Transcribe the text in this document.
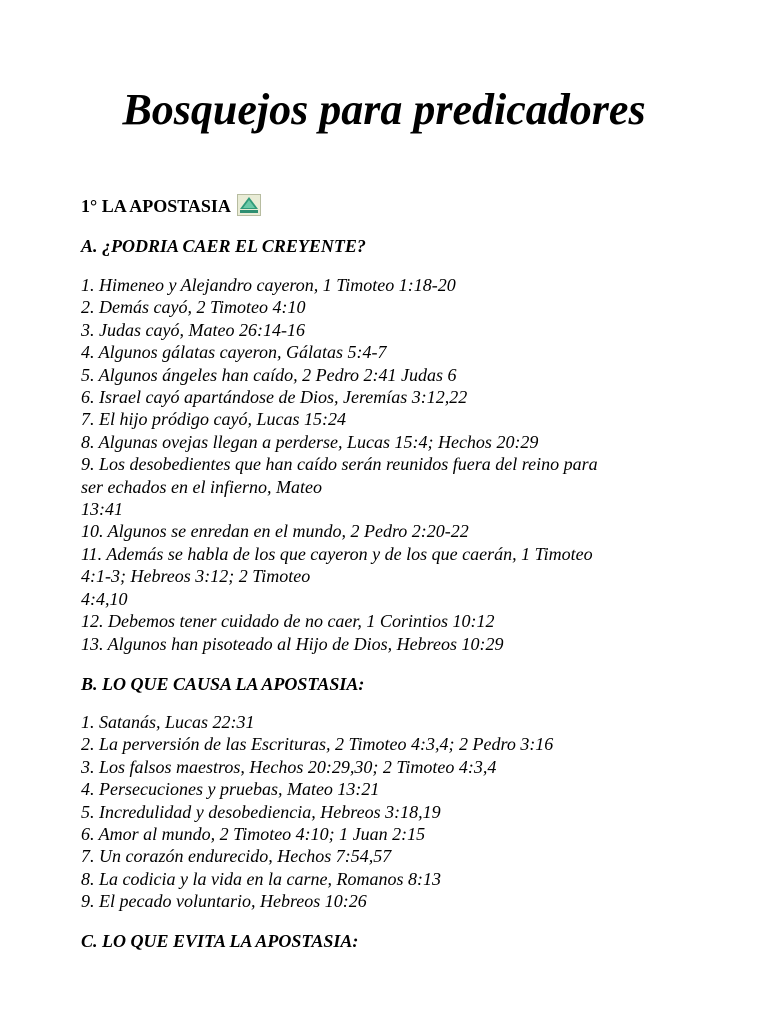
Bosquejos para predicadores
1° LA APOSTASIA
A. ¿PODRIA CAER EL CREYENTE?
1. Himeneo y Alejandro cayeron, 1 Timoteo 1:18-20
2. Demás cayó, 2 Timoteo 4:10
3. Judas cayó, Mateo 26:14-16
4. Algunos gálatas cayeron, Gálatas 5:4-7
5. Algunos ángeles han caído, 2 Pedro 2:41 Judas 6
6. Israel cayó apartándose de Dios, Jeremías 3:12,22
7. El hijo pródigo cayó, Lucas 15:24
8. Algunas ovejas llegan a perderse, Lucas 15:4; Hechos 20:29
9. Los desobedientes que han caído serán reunidos fuera del reino para
ser echados en el infierno, Mateo
13:41
10. Algunos se enredan en el mundo, 2 Pedro 2:20-22
11. Además se habla de los que cayeron y de los que caerán, 1 Timoteo
4:1-3; Hebreos 3:12; 2 Timoteo
4:4,10
12. Debemos tener cuidado de no caer, 1 Corintios 10:12
13. Algunos han pisoteado al Hijo de Dios, Hebreos 10:29
B. LO QUE CAUSA LA APOSTASIA:
1. Satanás, Lucas 22:31
2. La perversión de las Escrituras, 2 Timoteo 4:3,4; 2 Pedro 3:16
3. Los falsos maestros, Hechos 20:29,30; 2 Timoteo 4:3,4
4. Persecuciones y pruebas, Mateo 13:21
5. Incredulidad y desobediencia, Hebreos 3:18,19
6. Amor al mundo, 2 Timoteo 4:10; 1 Juan 2:15
7. Un corazón endurecido, Hechos 7:54,57
8. La codicia y la vida en la carne, Romanos 8:13
9. El pecado voluntario, Hebreos 10:26
C. LO QUE EVITA LA APOSTASIA:
